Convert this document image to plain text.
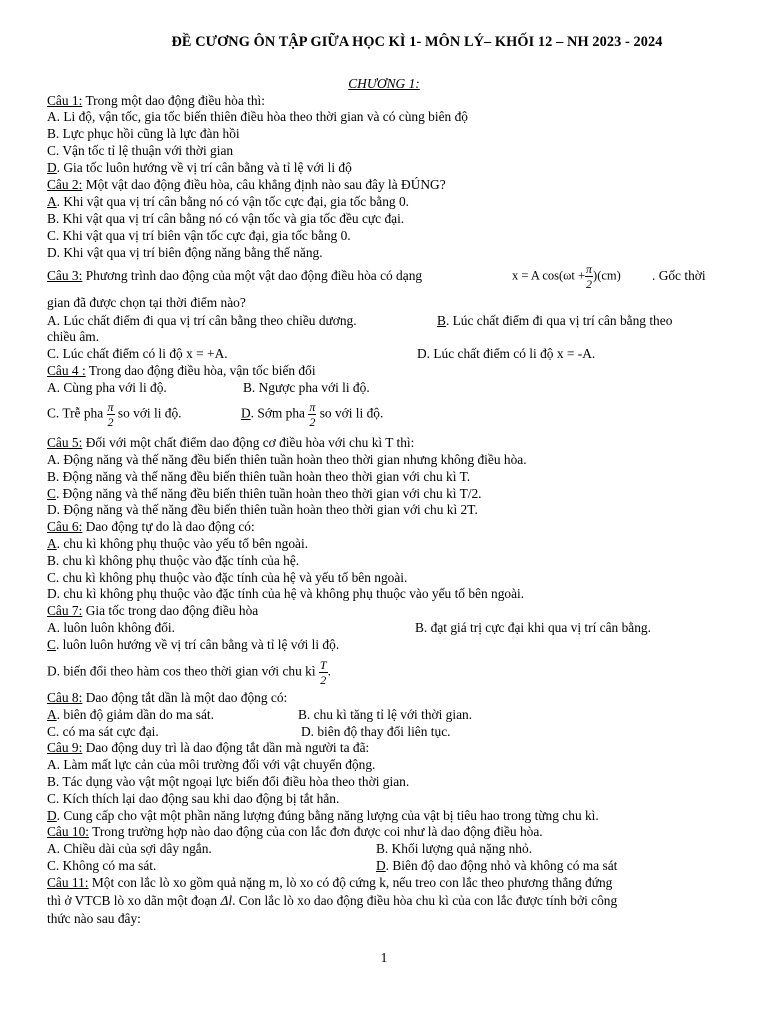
ĐỀ CƯƠNG ÔN TẬP GIỮA HỌC KÌ 1- MÔN LÝ– KHỐI 12 – NH 2023 - 2024
CHƯƠNG 1:
Câu 1: Trong một dao động điều hòa thì:
A. Li độ, vận tốc, gia tốc biến thiên điều hòa theo thời gian và có cùng biên độ
B. Lực phục hồi cũng là lực đàn hồi
C. Vận tốc tỉ lệ thuận với thời gian
D. Gia tốc luôn hướng về vị trí cân bằng và tỉ lệ với li độ
Câu 2: Một vật dao động điều hòa, câu khẳng định nào sau đây là ĐÚNG?
A. Khi vật qua vị trí cân bằng nó có vận tốc cực đại, gia tốc bằng 0.
B. Khi vật qua vị trí cân bằng nó có vận tốc và gia tốc đều cực đại.
C. Khi vật qua vị trí biên vận tốc cực đại, gia tốc bằng 0.
D. Khi vật qua vị trí biên động năng bằng thế năng.
Câu 3: Phương trình dao động của một vật dao động điều hòa có dạng	x = A $\cos(\omega t + \frac{\pi}{2} )(cm)$ . Gốc thời
gian đã được chọn tại thời điểm nào?
A. Lúc chất điểm đi qua vị trí cân bằng theo chiều dương.	B. Lúc chất điểm đi qua vị trí cân bằng theo
chiều âm.
C. Lúc chất điểm có li độ x = +A.	D. Lúc chất điểm có li độ x = -A.
Câu 4 : Trong dao động điều hòa, vận tốc biến đổi
A. Cùng pha với li độ.	B. Ngược pha với li độ.
C. Trễ pha $\frac{\pi}{2}$ so với li độ.	D. Sớm pha $\frac{\pi}{2}$ so với li độ.
Câu 5: Đối với một chất điểm dao động cơ điều hòa với chu kì T thì:
A. Động năng và thế năng đều biến thiên tuần hoàn theo thời gian nhưng không điều hòa.
B. Động năng và thế năng đều biến thiên tuần hoàn theo thời gian với chu kì T.
C. Động năng và thế năng đều biến thiên tuần hoàn theo thời gian với chu kì T/2.
D. Động năng và thế năng đều biến thiên tuần hoàn theo thời gian với chu kì 2T.
Câu 6: Dao động tự do là dao động có:
A. chu kì không phụ thuộc vào yếu tố bên ngoài.
B. chu kì không phụ thuộc vào đặc tính của hệ.
C. chu kì không phụ thuộc vào đặc tính của hệ và yếu tố bên ngoài.
D. chu kì không phụ thuộc vào đặc tính của hệ và không phụ thuộc vào yếu tố bên ngoài.
Câu 7: Gia tốc trong dao động điều hòa
A. luôn luôn không đổi.	B. đạt giá trị cực đại khi qua vị trí cân bằng.
C. luôn luôn hướng về vị trí cân bằng và tỉ lệ với li độ.
D. biến đổi theo hàm cos theo thời gian với chu kì $\frac{T}{2}$ .
Câu 8: Dao động tắt dần là một dao động có:
A. biên độ giảm dần do ma sát.	B. chu kì tăng tỉ lệ với thời gian.
C. có ma sát cực đại.	D. biên độ thay đổi liên tục.
Câu 9: Dao động duy trì là dao động tắt dần mà người ta đã:
A. Làm mất lực cản của môi trường đối với vật chuyển động.
B. Tác dụng vào vật một ngoại lực biến đổi điều hòa theo thời gian.
C. Kích thích lại dao động sau khi dao động bị tắt hẳn.
D. Cung cấp cho vật một phần năng lượng đúng bằng năng lượng của vật bị tiêu hao trong từng chu kì.
Câu 10: Trong trường hợp nào dao động của con lắc đơn được coi như là dao động điều hòa.
A. Chiều dài của sợi dây ngắn.	B. Khối lượng quả nặng nhỏ.
C. Không có ma sát.	D. Biên độ dao động nhỏ và không có ma sát
Câu 11: Một con lắc lò xo gồm quả nặng m, lò xo có độ cứng k, nếu treo con lắc theo phương thẳng đứng
thì ở VTCB lò xo dãn một đoạn Δl. Con lắc lò xo dao động điều hòa chu kì của con lắc được tính bởi công
thức nào sau đây:
1
